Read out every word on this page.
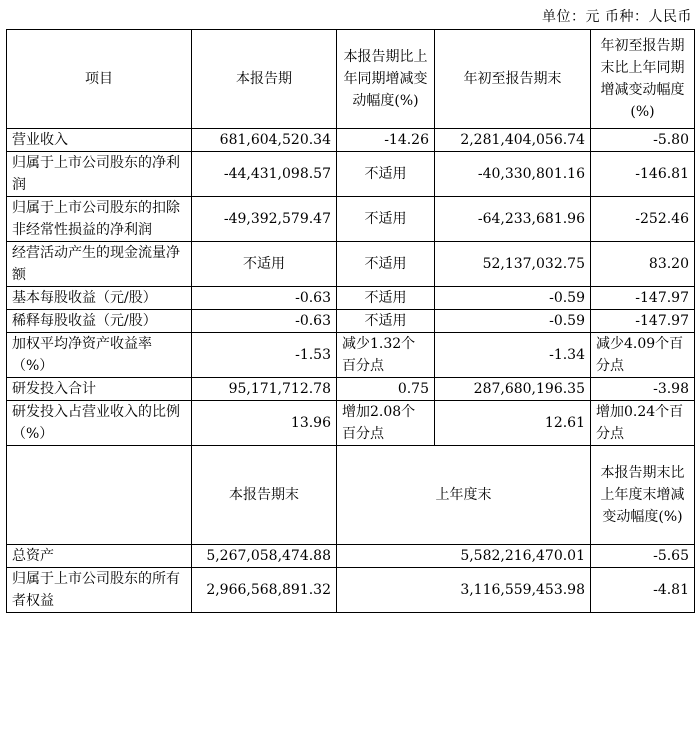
单位：元 币种：人民币
项目	本报告期	本报告期比上年同期增减变动幅度(%)	年初至报告期末	年初至报告期末比上年同期增减变动幅度(%)
营业收入	681,604,520.34	-14.26	2,281,404,056.74	-5.80
归属于上市公司股东的净利润	-44,431,098.57	不适用	-40,330,801.16	-146.81
归属于上市公司股东的扣除非经常性损益的净利润	-49,392,579.47	不适用	-64,233,681.96	-252.46
经营活动产生的现金流量净额	不适用	不适用	52,137,032.75	83.20
基本每股收益（元/股）	-0.63	不适用	-0.59	-147.97
稀释每股收益（元/股）	-0.63	不适用	-0.59	-147.97
加权平均净资产收益率（%）	-1.53	减少1.32个百分点	-1.34	减少4.09个百分点
研发投入合计	95,171,712.78	0.75	287,680,196.35	-3.98
研发投入占营业收入的比例（%）	13.96	增加2.08个百分点	12.61	增加0.24个百分点
	本报告期末	上年度末		本报告期末比上年度末增减变动幅度(%)
总资产	5,267,058,474.88	5,582,216,470.01		-5.65
归属于上市公司股东的所有者权益	2,966,568,891.32	3,116,559,453.98		-4.81
